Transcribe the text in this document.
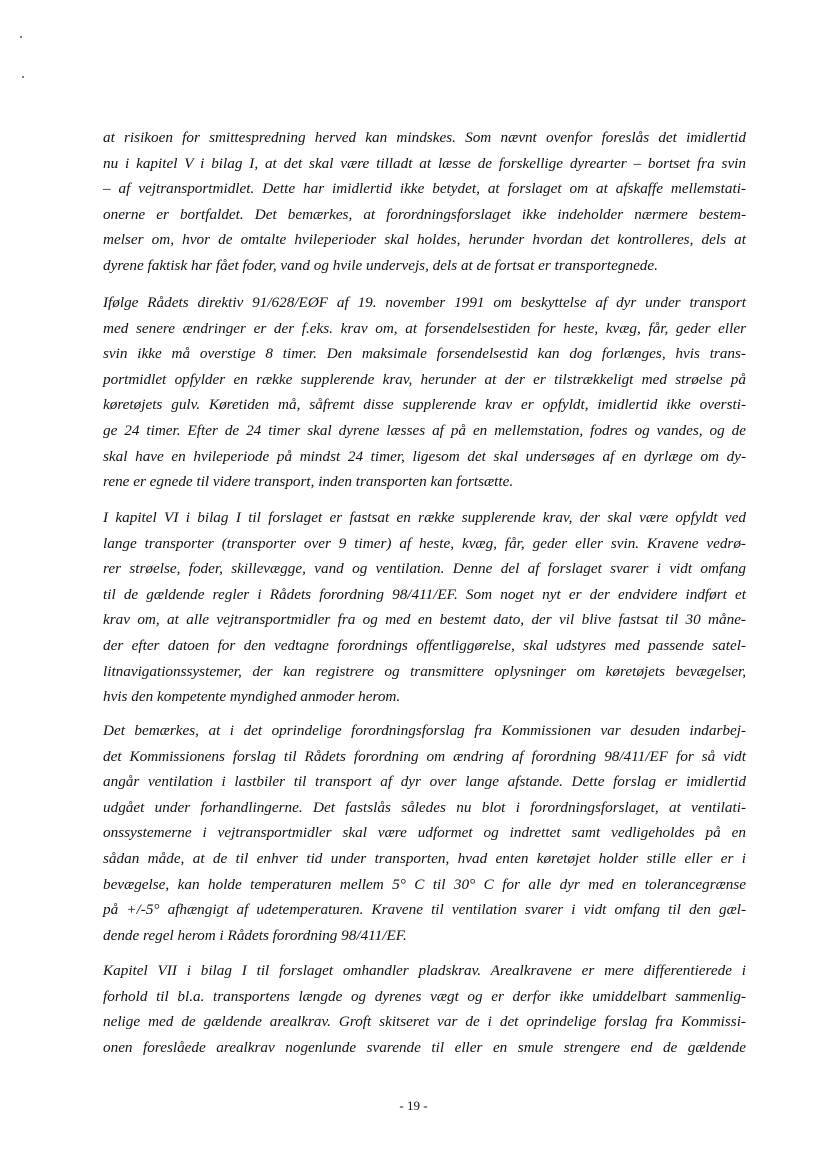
at risikoen for smittespredning herved kan mindskes. Som nævnt ovenfor foreslås det imidlertid
nu i kapitel V i bilag I, at det skal være tilladt at læsse de forskellige dyrearter – bortset fra svin
– af vejtransportmidlet. Dette har imidlertid ikke betydet, at forslaget om at afskaffe mellemstati-
onerne er bortfaldet. Det bemærkes, at forordningsforslaget ikke indeholder nærmere bestem-
melser om, hvor de omtalte hvileperioder skal holdes, herunder hvordan det kontrolleres, dels at
dyrene faktisk har fået foder, vand og hvile undervejs, dels at de fortsat er transportegnede.

Ifølge Rådets direktiv 91/628/EØF af 19. november 1991 om beskyttelse af dyr under transport
med senere ændringer er der f.eks. krav om, at forsendelsestiden for heste, kvæg, får, geder eller
svin ikke må overstige 8 timer. Den maksimale forsendelsestid kan dog forlænges, hvis trans-
portmidlet opfylder en række supplerende krav, herunder at der er tilstrækkeligt med strøelse på
køretøjets gulv. Køretiden må, såfremt disse supplerende krav er opfyldt, imidlertid ikke oversti-
ge 24 timer. Efter de 24 timer skal dyrene læsses af på en mellemstation, fodres og vandes, og de
skal have en hvileperiode på mindst 24 timer, ligesom det skal undersøges af en dyrlæge om dy-
rene er egnede til videre transport, inden transporten kan fortsætte.

I kapitel VI i bilag I til forslaget er fastsat en række supplerende krav, der skal være opfyldt ved
lange transporter (transporter over 9 timer) af heste, kvæg, får, geder eller svin. Kravene vedrø-
rer strøelse, foder, skillevægge, vand og ventilation. Denne del af forslaget svarer i vidt omfang
til de gældende regler i Rådets forordning 98/411/EF. Som noget nyt er der endvidere indført et
krav om, at alle vejtransportmidler fra og med en bestemt dato, der vil blive fastsat til 30 måne-
der efter datoen for den vedtagne forordnings offentliggørelse, skal udstyres med passende satel-
litnavigationssystemer, der kan registrere og transmittere oplysninger om køretøjets bevægelser,
hvis den kompetente myndighed anmoder herom.

Det bemærkes, at i det oprindelige forordningsforslag fra Kommissionen var desuden indarbej-
det Kommissionens forslag til Rådets forordning om ændring af forordning 98/411/EF for så vidt
angår ventilation i lastbiler til transport af dyr over lange afstande. Dette forslag er imidlertid
udgået under forhandlingerne. Det fastslås således nu blot i forordningsforslaget, at ventilati-
onssystemerne i vejtransportmidler skal være udformet og indrettet samt vedligeholdes på en
sådan måde, at de til enhver tid under transporten, hvad enten køretøjet holder stille eller er i
bevægelse, kan holde temperaturen mellem 5° C til 30° C for alle dyr med en tolerancegrænse
på +/-5° afhængigt af udetemperaturen. Kravene til ventilation svarer i vidt omfang til den gæl-
dende regel herom i Rådets forordning 98/411/EF.

Kapitel VII i bilag I til forslaget omhandler pladskrav. Arealkravene er mere differentierede i
forhold til bl.a. transportens længde og dyrenes vægt og er derfor ikke umiddelbart sammenlig-
nelige med de gældende arealkrav. Groft skitseret var de i det oprindelige forslag fra Kommissi-
onen foreslåede arealkrav nogenlunde svarende til eller en smule strengere end de gældende

- 19 -
